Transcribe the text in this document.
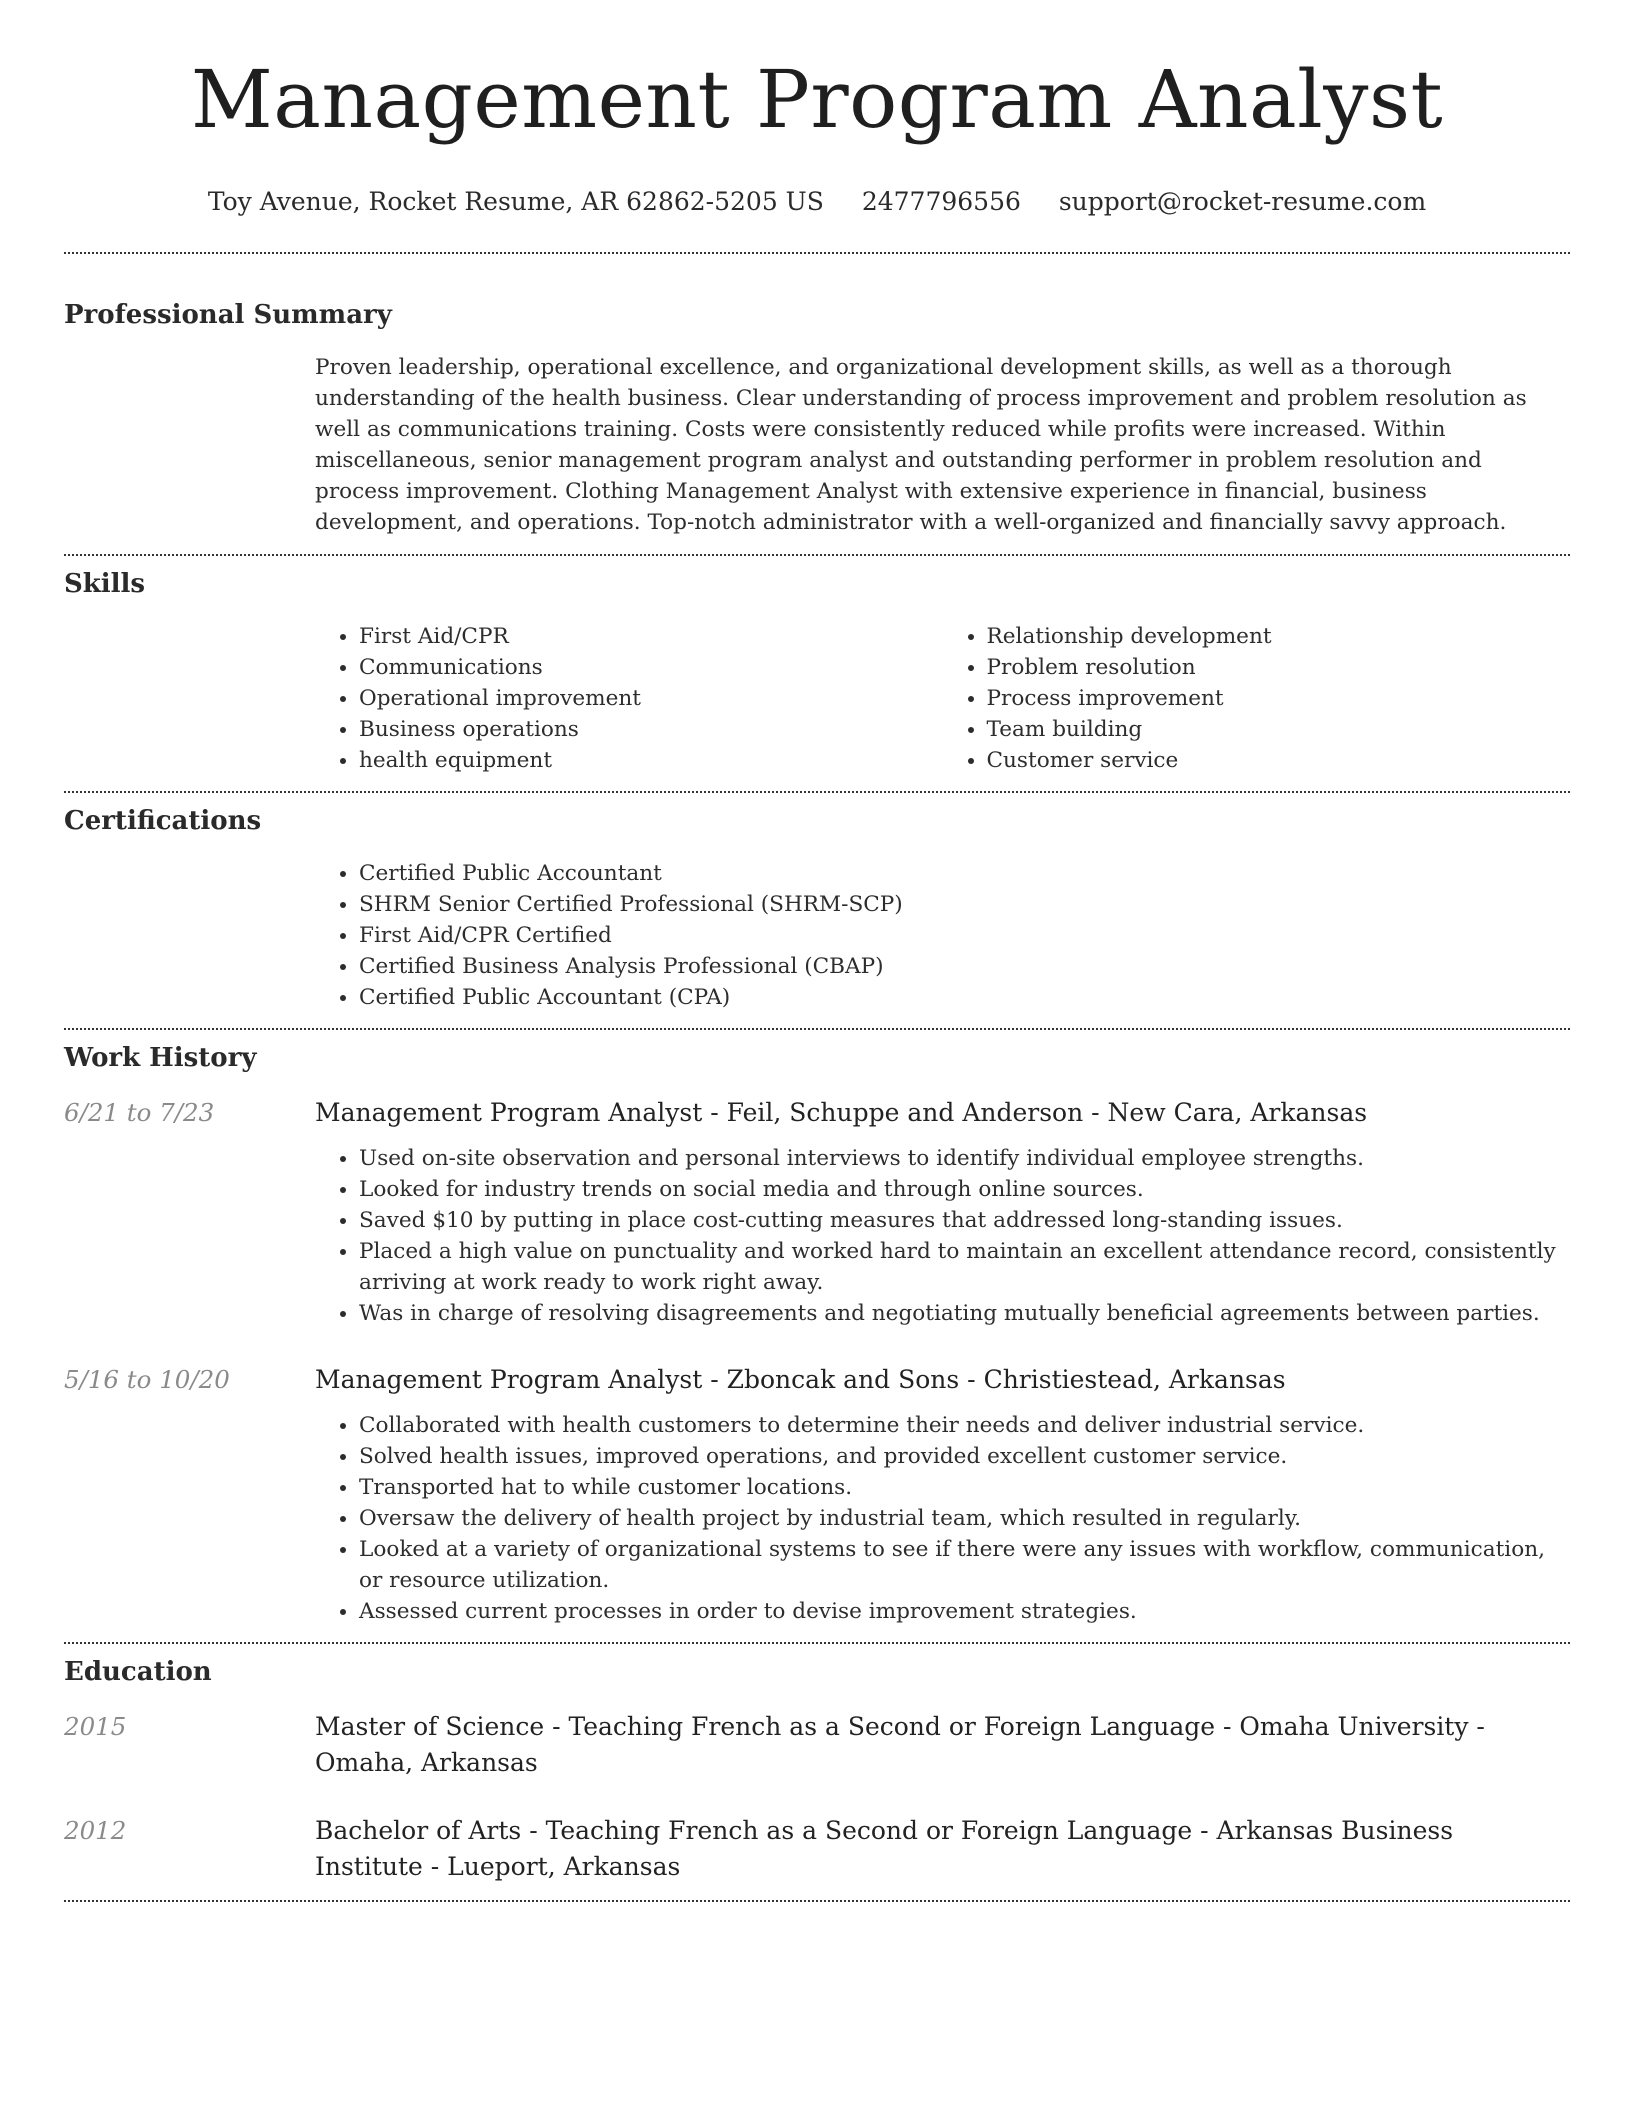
Management Program Analyst
Toy Avenue, Rocket Resume, AR 62862-5205 US 2477796556 support@rocket-resume.com
Professional Summary

Proven leadership, operational excellence, and organizational development skills, as well as a thorough understanding of the health business. Clear understanding of process improvement and problem resolution as well as communications training. Costs were consistently reduced while profits were increased. Within miscellaneous, senior management program analyst and outstanding performer in problem resolution and process improvement. Clothing Management Analyst with extensive experience in financial, business development, and operations. Top-notch administrator with a well-organized and financially savvy approach.

Skills
• First Aid/CPR
• Communications
• Operational improvement
• Business operations
• health equipment
• Relationship development
• Problem resolution
• Process improvement
• Team building
• Customer service
Certifications
• Certified Public Accountant
• SHRM Senior Certified Professional (SHRM-SCP)
• First Aid/CPR Certified
• Certified Business Analysis Professional (CBAP)
• Certified Public Accountant (CPA)
Work History
6/21 to 7/23	Management Program Analyst - Feil, Schuppe and Anderson - New Cara, Arkansas
• Used on-site observation and personal interviews to identify individual employee strengths.
• Looked for industry trends on social media and through online sources.
• Saved $10 by putting in place cost-cutting measures that addressed long-standing issues.
• Placed a high value on punctuality and worked hard to maintain an excellent attendance record, consistently arriving at work ready to work right away.
• Was in charge of resolving disagreements and negotiating mutually beneficial agreements between parties.
5/16 to 10/20	Management Program Analyst - Zboncak and Sons - Christiestead, Arkansas
• Collaborated with health customers to determine their needs and deliver industrial service.
• Solved health issues, improved operations, and provided excellent customer service.
• Transported hat to while customer locations.
• Oversaw the delivery of health project by industrial team, which resulted in regularly.
• Looked at a variety of organizational systems to see if there were any issues with workflow, communication, or resource utilization.
• Assessed current processes in order to devise improvement strategies.
Education
2015	Master of Science - Teaching French as a Second or Foreign Language - Omaha University - Omaha, Arkansas
2012	Bachelor of Arts - Teaching French as a Second or Foreign Language - Arkansas Business Institute - Lueport, Arkansas
